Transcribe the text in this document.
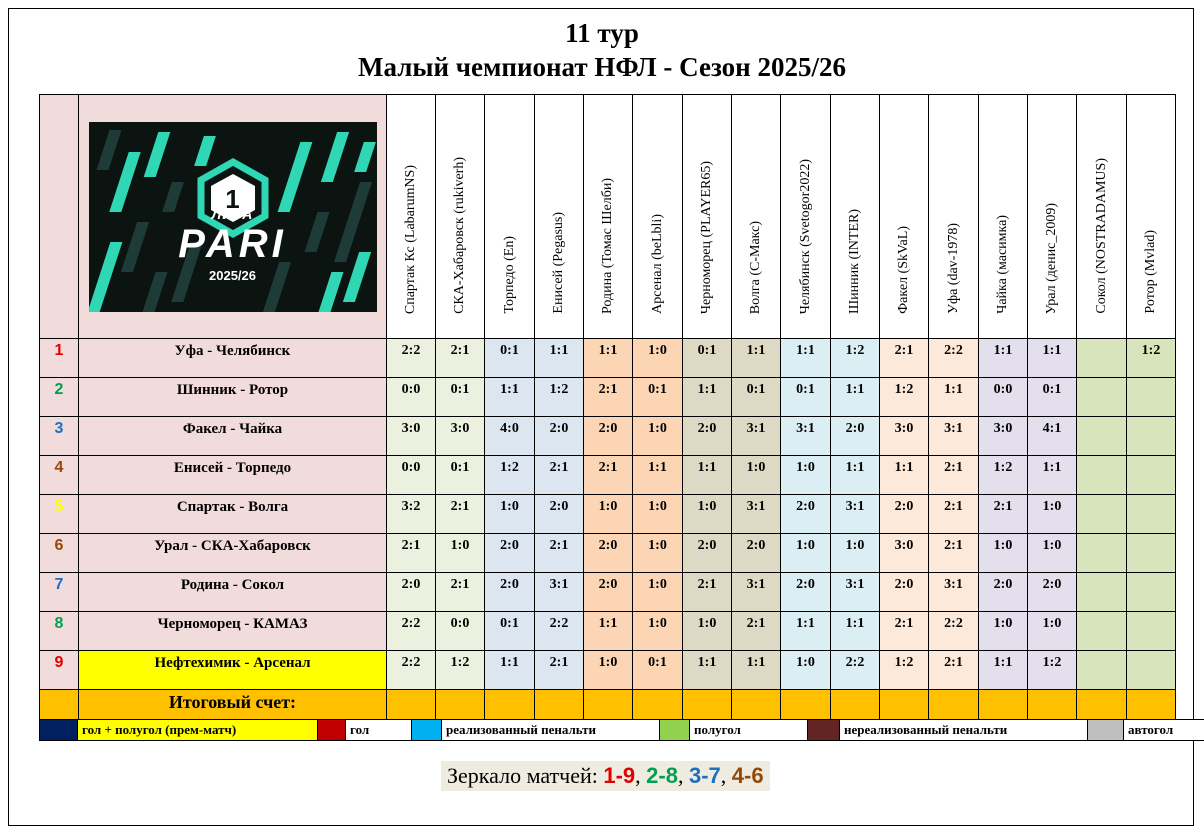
11 тур
Малый чемпионат НФЛ - Сезон 2025/26

	1
ЛИГА
PARI
2025/26	Спартак Кс (LabarumNS)	СКА-Хабаровск (rukiverh)	Торпедо (En)	Енисей (Pegasus)	Родина (Томас Шелби)	Арсенал (beLbli)	Черноморец (PLAYER65)	Волга (С-Макс)	Челябинск (Svetogor2022)	Шинник (INTER)	Факел (SkVaL)	Уфа (dav-1978)	Чайка (масимка)	Урал (денис_2009)	Сокол (NOSTRADAMUS)	Ротор (Mvlad)

1	Уфа - Челябинск	2:2	2:1	0:1	1:1	1:1	1:0	0:1	1:1	1:1	1:2	2:1	2:2	1:1	1:1		1:2
2	Шинник - Ротор	0:0	0:1	1:1	1:2	2:1	0:1	1:1	0:1	0:1	1:1	1:2	1:1	0:0	0:1		
3	Факел - Чайка	3:0	3:0	4:0	2:0	2:0	1:0	2:0	3:1	3:1	2:0	3:0	3:1	3:0	4:1		
4	Енисей - Торпедо	0:0	0:1	1:2	2:1	2:1	1:1	1:1	1:0	1:0	1:1	1:1	2:1	1:2	1:1		
5	Спартак - Волга	3:2	2:1	1:0	2:0	1:0	1:0	1:0	3:1	2:0	3:1	2:0	2:1	2:1	1:0		
6	Урал - СКА-Хабаровск	2:1	1:0	2:0	2:1	2:0	1:0	2:0	2:0	1:0	1:0	3:0	2:1	1:0	1:0		
7	Родина - Сокол	2:0	2:1	2:0	3:1	2:0	1:0	2:1	3:1	2:0	3:1	2:0	3:1	2:0	2:0		
8	Черноморец - КАМАЗ	2:2	0:0	0:1	2:2	1:1	1:0	1:0	2:1	1:1	1:1	2:1	2:2	1:0	1:0		
9	Нефтехимик - Арсенал	2:2	1:2	1:1	2:1	1:0	0:1	1:1	1:1	1:0	2:2	1:2	2:1	1:1	1:2		
	Итоговый счет:																
	гол + полугол (прем-матч)		гол		реализованный пенальти		полугол		нереализованный пенальти		автогол
Зеркало матчей: 1-9, 2-8, 3-7, 4-6
